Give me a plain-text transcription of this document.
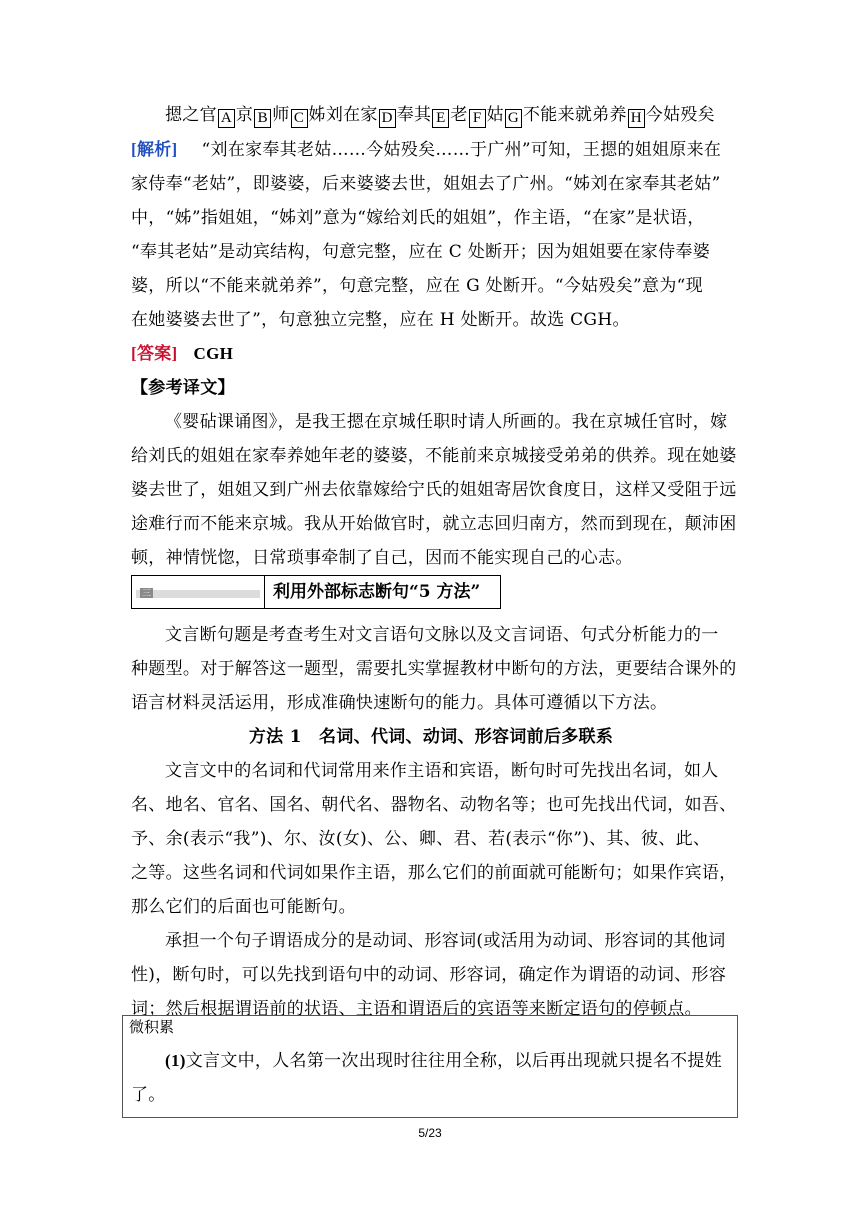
摁之官 A 京 B 师 C 姊刘在家 D 奉其 E 老 F 姑 G 不能来就弟养 H 今姑殁矣
[解析] “刘在家奉其老姑……今姑殁矣……于广州”可知，王摁的姐姐原来在
家侍奉“老姑”，即婆婆，后来婆婆去世，姐姐去了广州。“姊刘在家奉其老姑”
中，“姊”指姐姐，“姊刘”意为“嫁给刘氏的姐姐”，作主语，“在家”是状语，
“奉其老姑”是动宾结构，句意完整，应在 C 处断开；因为姐姐要在家侍奉婆
婆，所以“不能来就弟养”，句意完整，应在 G 处断开。“今姑殁矣”意为“现
在她婆婆去世了”，句意独立完整，应在 H 处断开。故选 CGH。
[答案] CGH
【参考译文】
《婴砧课诵图》，是我王摁在京城任职时请人所画的。我在京城任官时，嫁
给刘氏的姐姐在家奉养她年老的婆婆，不能前来京城接受弟弟的供养。现在她婆
婆去世了，姐姐又到广州去依靠嫁给宁氏的姐姐寄居饮食度日，这样又受阻于远
途难行而不能来京城。我从开始做官时，就立志回归南方，然而到现在，颠沛困
顿，神情恍惚，日常琐事牵制了自己，因而不能实现自己的心志。
三	利用外部标志断句“5 方法”
文言断句题是考查考生对文言语句文脉以及文言词语、句式分析能力的一
种题型。对于解答这一题型，需要扎实掌握教材中断句的方法，更要结合课外的
语言材料灵活运用，形成准确快速断句的能力。具体可遵循以下方法。
方法 1　名词、代词、动词、形容词前后多联系
文言文中的名词和代词常用来作主语和宾语，断句时可先找出名词，如人
名、地名、官名、国名、朝代名、器物名、动物名等；也可先找出代词，如吾、
予、余(表示“我”)、尔、汝(女)、公、卿、君、若(表示“你”)、其、彼、此、
之等。这些名词和代词如果作主语，那么它们的前面就可能断句；如果作宾语，
那么它们的后面也可能断句。
承担一个句子谓语成分的是动词、形容词(或活用为动词、形容词的其他词
性)，断句时，可以先找到语句中的动词、形容词，确定作为谓语的动词、形容
词；然后根据谓语前的状语、主语和谓语后的宾语等来断定语句的停顿点。
微积累
(1)文言文中，人名第一次出现时往往用全称，以后再出现就只提名不提姓
了。
5/23
